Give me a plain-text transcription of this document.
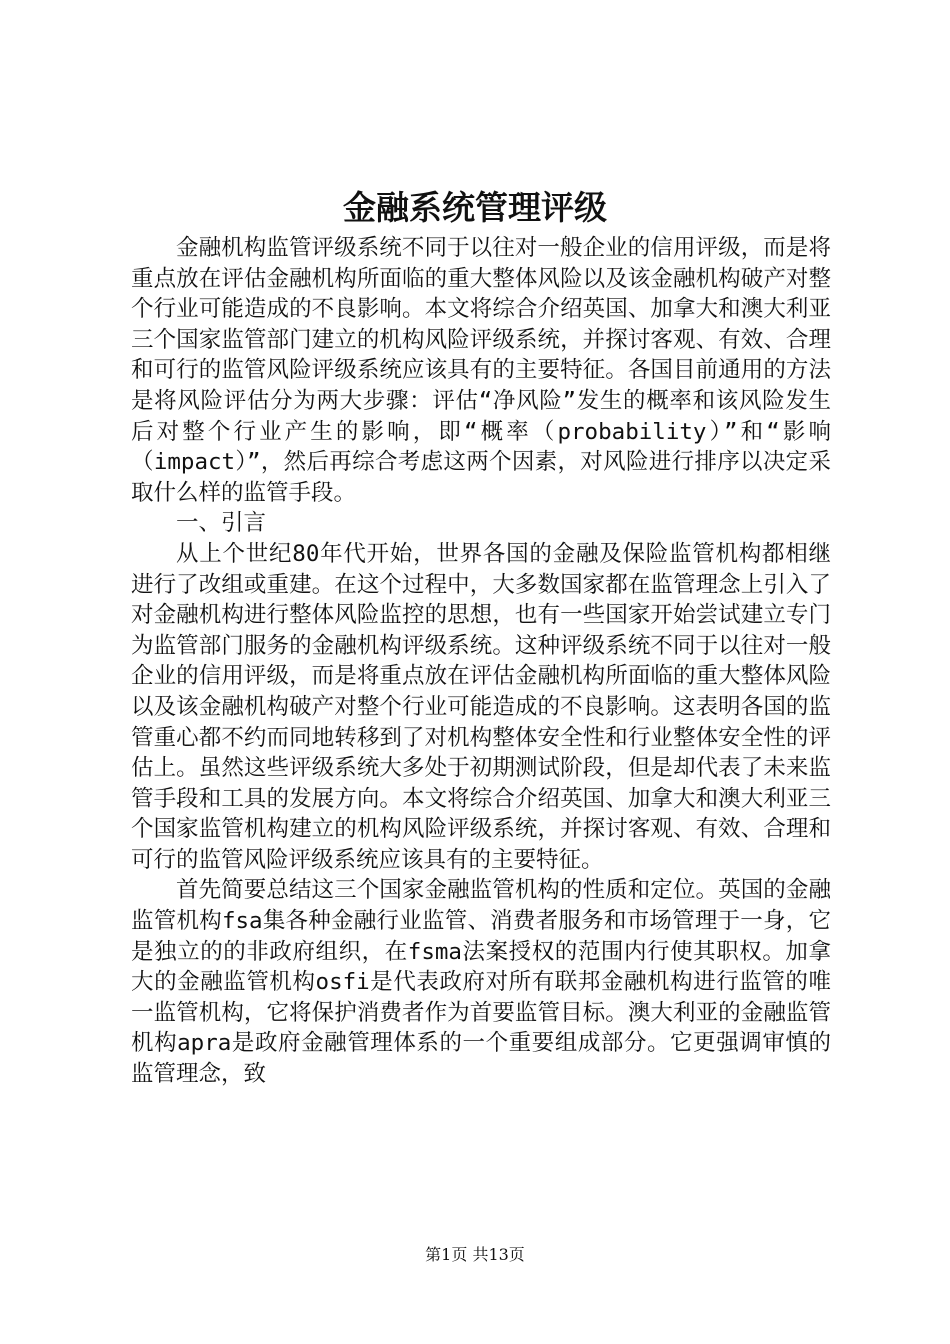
金融系统管理评级

金融机构监管评级系统不同于以往对一般企业的信用评级，而是将重点放在评估金融机构所面临的重大整体风险以及该金融机构破产对整个行业可能造成的不良影响。本文将综合介绍英国、加拿大和澳大利亚三个国家监管部门建立的机构风险评级系统，并探讨客观、有效、合理和可行的监管风险评级系统应该具有的主要特征。各国目前通用的方法是将风险评估分为两大步骤：评估“净风险”发生的概率和该风险发生后对整个行业产生的影响，即“概率（probability）”和“影响（impact）”，然后再综合考虑这两个因素，对风险进行排序以决定采取什么样的监管手段。

一、引言

从上个世纪80年代开始，世界各国的金融及保险监管机构都相继进行了改组或重建。在这个过程中，大多数国家都在监管理念上引入了对金融机构进行整体风险监控的思想，也有一些国家开始尝试建立专门为监管部门服务的金融机构评级系统。这种评级系统不同于以往对一般企业的信用评级，而是将重点放在评估金融机构所面临的重大整体风险以及该金融机构破产对整个行业可能造成的不良影响。这表明各国的监管重心都不约而同地转移到了对机构整体安全性和行业整体安全性的评估上。虽然这些评级系统大多处于初期测试阶段，但是却代表了未来监管手段和工具的发展方向。本文将综合介绍英国、加拿大和澳大利亚三个国家监管机构建立的机构风险评级系统，并探讨客观、有效、合理和可行的监管风险评级系统应该具有的主要特征。

首先简要总结这三个国家金融监管机构的性质和定位。英国的金融监管机构fsa集各种金融行业监管、消费者服务和市场管理于一身，它是独立的的非政府组织，在fsma法案授权的范围内行使其职权。加拿大的金融监管机构osfi是代表政府对所有联邦金融机构进行监管的唯一监管机构，它将保护消费者作为首要监管目标。澳大利亚的金融监管机构apra是政府金融管理体系的一个重要组成部分。它更强调审慎的监管理念，致

第1页 共13页
